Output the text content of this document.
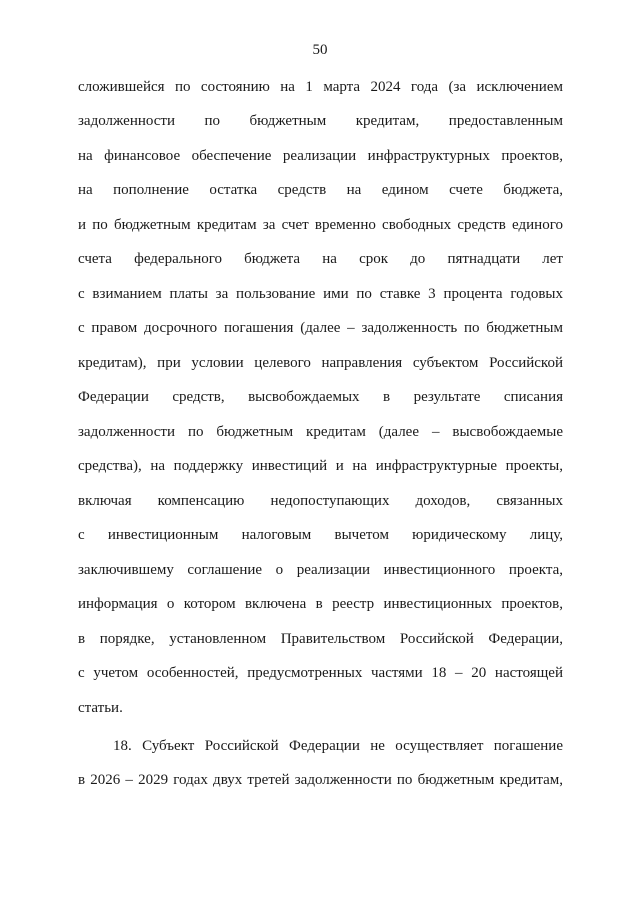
50
сложившейся по состоянию на 1 марта 2024 года (за исключением
задолженности по бюджетным кредитам, предоставленным
на финансовое обеспечение реализации инфраструктурных проектов,
на пополнение остатка средств на едином счете бюджета,
и по бюджетным кредитам за счет временно свободных средств единого
счета федерального бюджета на срок до пятнадцати лет
с взиманием платы за пользование ими по ставке 3 процента годовых
с правом досрочного погашения (далее – задолженность по бюджетным
кредитам), при условии целевого направления субъектом Российской
Федерации средств, высвобождаемых в результате списания
задолженности по бюджетным кредитам (далее – высвобождаемые
средства), на поддержку инвестиций и на инфраструктурные проекты,
включая компенсацию недопоступающих доходов, связанных
с инвестиционным налоговым вычетом юридическому лицу,
заключившему соглашение о реализации инвестиционного проекта,
информация о котором включена в реестр инвестиционных проектов,
в порядке, установленном Правительством Российской Федерации,
с учетом особенностей, предусмотренных частями 18 – 20 настоящей
статьи.
18. Субъект Российской Федерации не осуществляет погашение
в 2026 – 2029 годах двух третей задолженности по бюджетным кредитам,
